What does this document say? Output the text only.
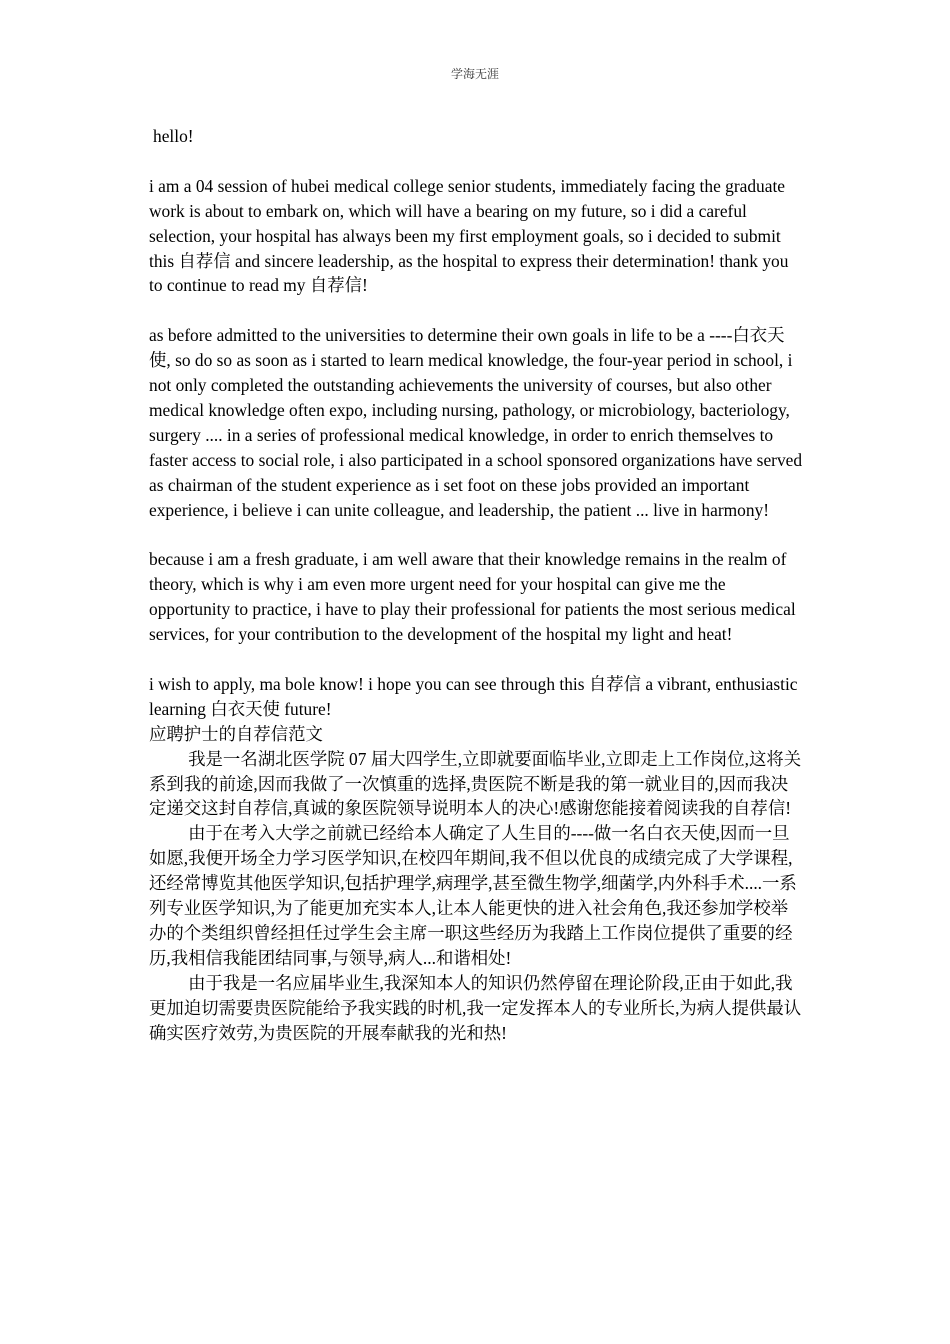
学海无涯

hello!

i am a 04 session of hubei medical college senior students, immediately facing the graduate work is about to embark on, which will have a bearing on my future, so i did a careful selection, your hospital has always been my first employment goals, so i decided to submit this 自荐信 and sincere leadership, as the hospital to express their determination! thank you to continue to read my 自荐信!

as before admitted to the universities to determine their own goals in life to be a ----白衣天使, so do so as soon as i started to learn medical knowledge, the four-year period in school, i not only completed the outstanding achievements the university of courses, but also other medical knowledge often expo, including nursing, pathology, or microbiology, bacteriology, surgery .... in a series of professional medical knowledge, in order to enrich themselves to faster access to social role, i also participated in a school sponsored organizations have served as chairman of the student experience as i set foot on these jobs provided an important experience, i believe i can unite colleague, and leadership, the patient ... live in harmony!

because i am a fresh graduate, i am well aware that their knowledge remains in the realm of theory, which is why i am even more urgent need for your hospital can give me the opportunity to practice, i have to play their professional for patients the most serious medical services, for your contribution to the development of the hospital my light and heat!

i wish to apply, ma bole know! i hope you can see through this 自荐信 a vibrant, enthusiastic learning 白衣天使 future!

应聘护士的自荐信范文

我是一名湖北医学院 07 届大四学生,立即就要面临毕业,立即走上工作岗位,这将关系到我的前途,因而我做了一次慎重的选择,贵医院不断是我的第一就业目的,因而我决定递交这封自荐信,真诚的象医院领导说明本人的决心!感谢您能接着阅读我的自荐信!

由于在考入大学之前就已经给本人确定了人生目的----做一名白衣天使,因而一旦如愿,我便开场全力学习医学知识,在校四年期间,我不但以优良的成绩完成了大学课程,还经常博览其他医学知识,包括护理学,病理学,甚至微生物学,细菌学,内外科手术....一系列专业医学知识,为了能更加充实本人,让本人能更快的进入社会角色,我还参加学校举办的个类组织曾经担任过学生会主席一职这些经历为我踏上工作岗位提供了重要的经历,我相信我能团结同事,与领导,病人...和谐相处!

由于我是一名应届毕业生,我深知本人的知识仍然停留在理论阶段,正由于如此,我更加迫切需要贵医院能给予我实践的时机,我一定发挥本人的专业所长,为病人提供最认确实医疗效劳,为贵医院的开展奉献我的光和热!
